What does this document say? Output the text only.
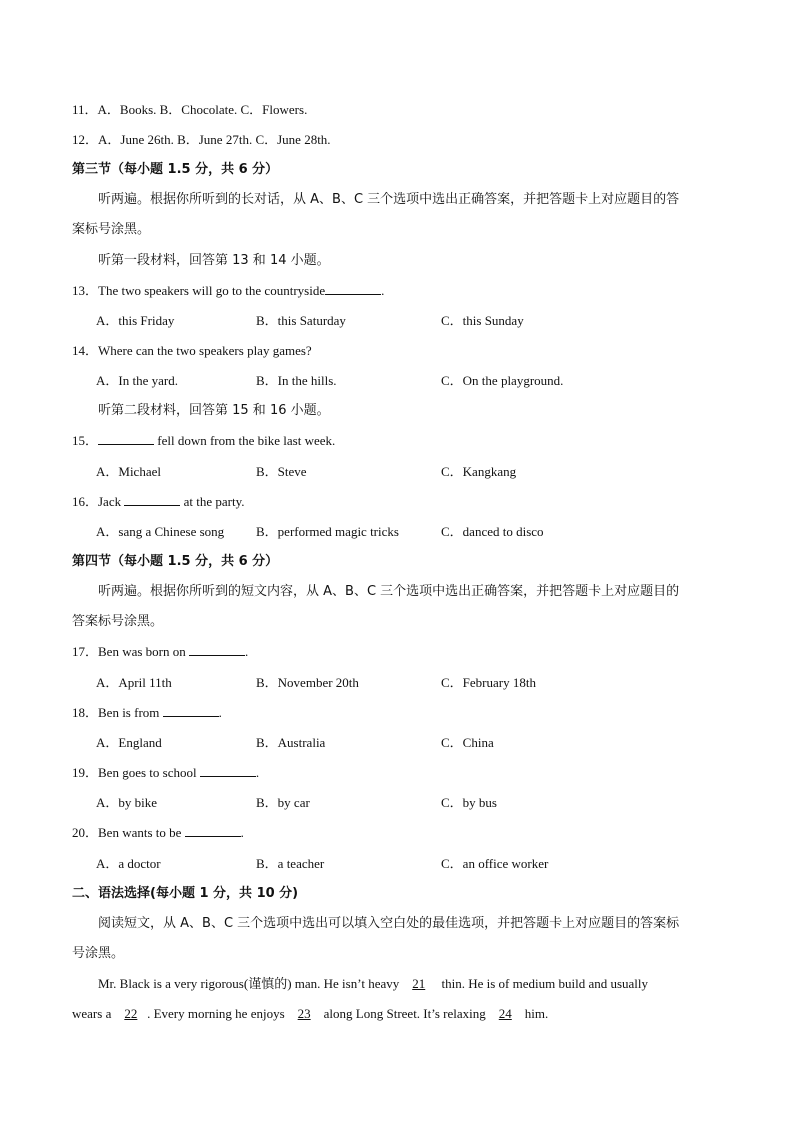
11．A．Books. B．Chocolate. C．Flowers.
12．A．June 26th. B．June 27th. C．June 28th.
第三节（每小题 1.5 分，共 6 分）
听两遍。根据你所听到的长对话，从 A、B、C 三个选项中选出正确答案，并把答题卡上对应题目的答
案标号涂黑。
听第一段材料，回答第 13 和 14 小题。
13．The two speakers will go to the countryside	.
A．this Friday	B．this Saturday	C．this Sunday
14．Where can the two speakers play games?
A．In the yard.	B．In the hills.	C．On the playground.
听第二段材料，回答第 15 和 16 小题。
15．	fell down from the bike last week.
A．Michael	B．Steve	C．Kangkang
16．Jack	at the party.
A．sang a Chinese song B．performed magic tricks	C．danced to disco
第四节（每小题 1.5 分，共 6 分）
听两遍。根据你所听到的短文内容，从 A、B、C 三个选项中选出正确答案，并把答题卡上对应题目的
答案标号涂黑。
17．Ben was born on	.
A．April 11th	B．November 20th	C．February 18th
18．Ben is from	.
A．England	B．Australia	C．China
19．Ben goes to school	.
A．by bike	B．by car	C．by bus
20．Ben wants to be	.
A．a doctor	B．a teacher	C．an office worker
二、语法选择(每小题 1 分，共 10 分)
阅读短文，从 A、B、C 三个选项中选出可以填入空白处的最佳选项，并把答题卡上对应题目的答案标
号涂黑。
Mr. Black is a very rigorous(谨慎的) man. He isn’t heavy 21     thin. He is of medium build and usually
wears a    22 . Every morning he enjoys    23    along Long Street. It’s relaxing    24    him.
